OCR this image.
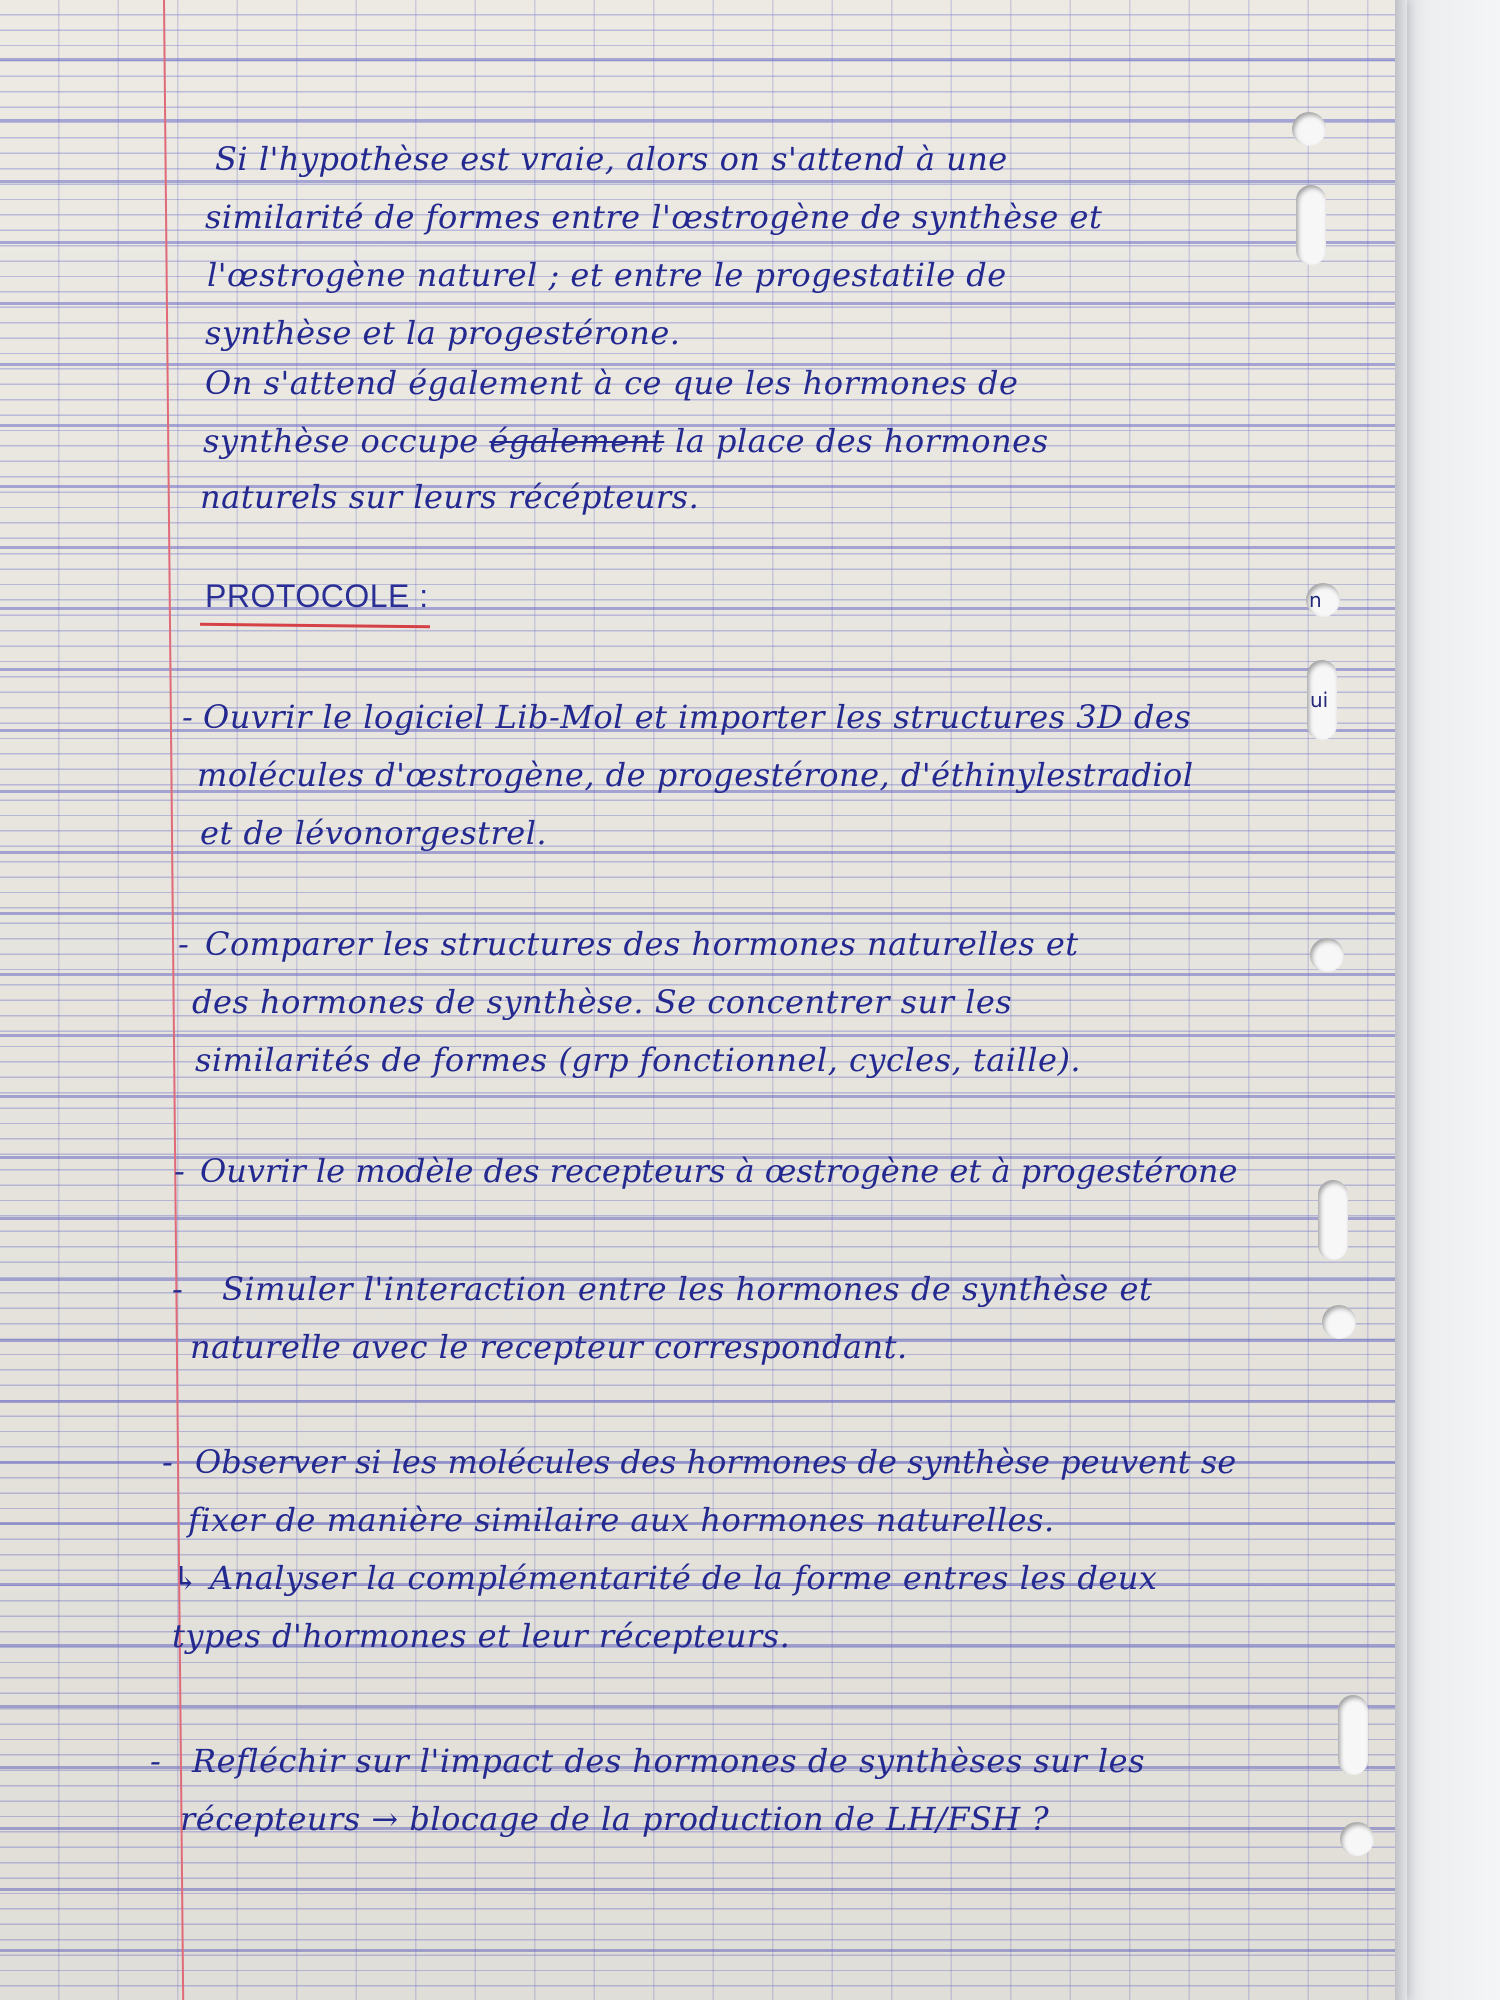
n
ui
Si l'hypothèse est vraie, alors on s'attend à une
similarité de formes entre l'œstrogène de synthèse et
l'œstrogène naturel ; et entre le progestatile de
synthèse et la progestérone.
On s'attend également à ce que les hormones de
synthèse occupe également la place des hormones
naturels sur leurs récépteurs.
PROTOCOLE :
- Ouvrir le logiciel Lib-Mol et importer les structures 3D des
molécules d'œstrogène, de progestérone, d'éthinylestradiol
et de lévonorgestrel.
- Comparer les structures des hormones naturelles et
des hormones de synthèse. Se concentrer sur les
similarités de formes (grp fonctionnel, cycles, taille).
- Ouvrir le modèle des recepteurs à œstrogène et à progestérone
- Simuler l'interaction entre les hormones de synthèse et
naturelle avec le recepteur correspondant.
- Observer si les molécules des hormones de synthèse peuvent se
fixer de manière similaire aux hormones naturelles.
↳ Analyser la complémentarité de la forme entres les deux
types d'hormones et leur récepteurs.
- Refléchir sur l'impact des hormones de synthèses sur les
récepteurs → blocage de la production de LH/FSH ?
